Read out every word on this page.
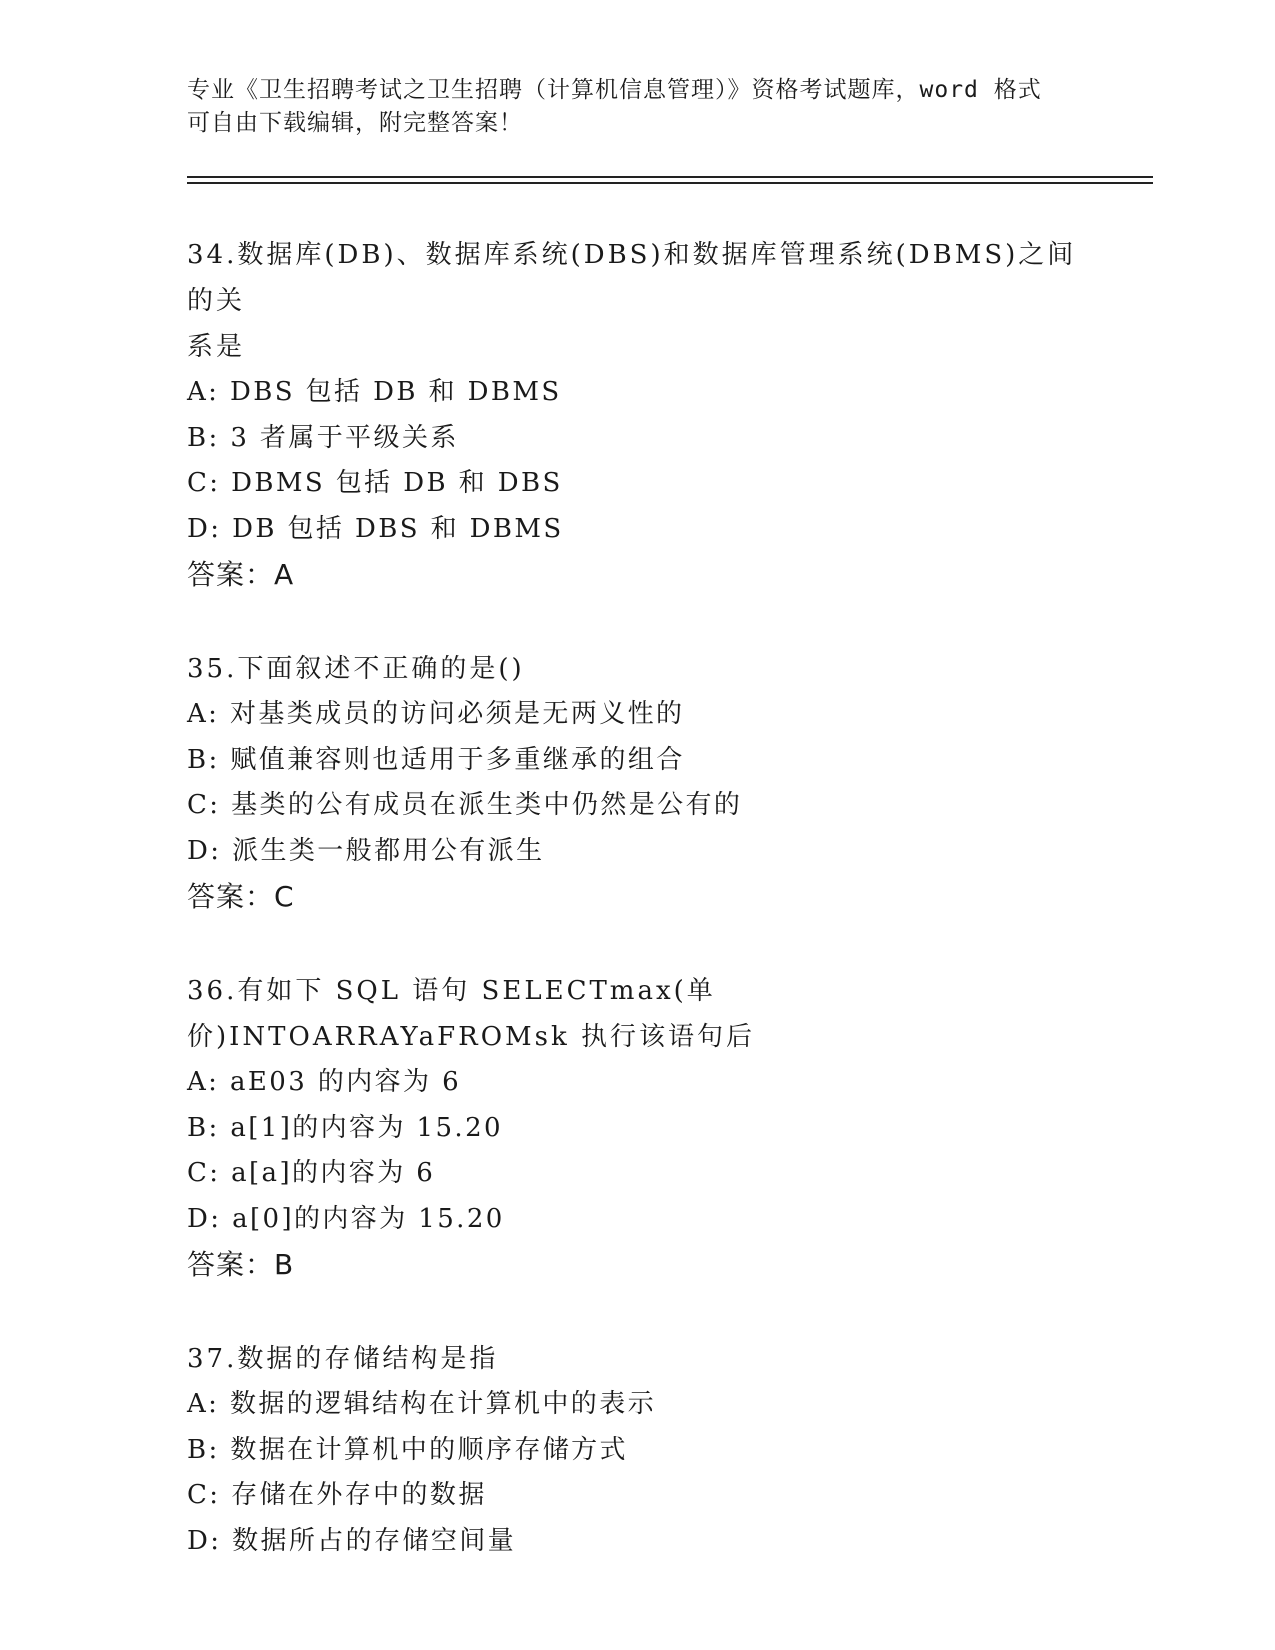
专业《卫生招聘考试之卫生招聘（计算机信息管理）》资格考试题库，word 格式
可自由下载编辑，附完整答案！

34.数据库(DB)、数据库系统(DBS)和数据库管理系统(DBMS)之间的关

系是

A: DBS 包括 DB 和 DBMS

B: 3 者属于平级关系

C: DBMS 包括 DB 和 DBS

D: DB 包括 DBS 和 DBMS

答案：A

35.下面叙述不正确的是()

A: 对基类成员的访问必须是无两义性的

B: 赋值兼容则也适用于多重继承的组合

C: 基类的公有成员在派生类中仍然是公有的

D: 派生类一般都用公有派生

答案：C

36.有如下 SQL 语句 SELECTmax(单价)INTOARRAYaFROMsk 执行该语句后

A: aE03 的内容为 6

B: a[1]的内容为 15.20

C: a[a]的内容为 6

D: a[0]的内容为 15.20

答案：B

37.数据的存储结构是指

A: 数据的逻辑结构在计算机中的表示

B: 数据在计算机中的顺序存储方式

C: 存储在外存中的数据

D: 数据所占的存储空间量
